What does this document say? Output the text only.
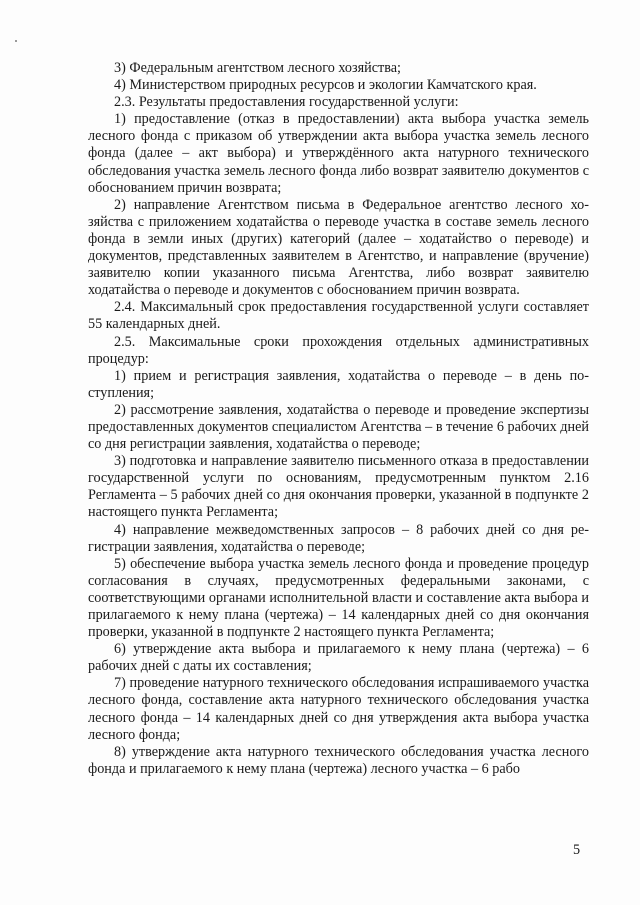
3) Федеральным агентством лесного хозяйства;

4) Министерством природных ресурсов и экологии Камчатского края.

2.3. Результаты предоставления государственной услуги:

1) предоставление (отказ в предоставлении) акта выбора участка земель лесного фонда с приказом об утверждении акта выбора участка земель лесного фонда (далее – акт выбора) и утверждённого акта натурного технического обследования участка земель лесного фонда либо возврат заявителю документов с обоснованием причин возврата;

2) направление Агентством письма в Федеральное агентство лесного хозяйства с приложением ходатайства о переводе участка в составе земель лесного фонда в земли иных (других) категорий (далее – ходатайство о переводе) и документов, представленных заявителем в Агентство, и направление (вручение) заявителю копии указанного письма Агентства, либо возврат заявителю ходатайства о переводе и документов с обоснованием причин возврата.

2.4. Максимальный срок предоставления государственной услуги составляет 55 календарных дней.

2.5. Максимальные сроки прохождения отдельных административных процедур:

1) прием и регистрация заявления, ходатайства о переводе – в день поступления;

2) рассмотрение заявления, ходатайства о переводе и проведение экспертизы предоставленных документов специалистом Агентства – в течение 6 рабочих дней со дня регистрации заявления, ходатайства о переводе;

3) подготовка и направление заявителю письменного отказа в предоставлении государственной услуги по основаниям, предусмотренным пунктом 2.16 Регламента – 5 рабочих дней со дня окончания проверки, указанной в подпункте 2 настоящего пункта Регламента;

4) направление межведомственных запросов – 8 рабочих дней со дня регистрации заявления, ходатайства о переводе;

5) обеспечение выбора участка земель лесного фонда и проведение процедур согласования в случаях, предусмотренных федеральными законами, с соответствующими органами исполнительной власти и составление акта выбора и прилагаемого к нему плана (чертежа) – 14 календарных дней со дня окончания проверки, указанной в подпункте 2 настоящего пункта Регламента;

6) утверждение акта выбора и прилагаемого к нему плана (чертежа) – 6 рабочих дней с даты их составления;

7) проведение натурного технического обследования испрашиваемого участка лесного фонда, составление акта натурного технического обследования участка лесного фонда – 14 календарных дней со дня утверждения акта выбора участка лесного фонда;

8) утверждение акта натурного технического обследования участка лесного фонда и прилагаемого к нему плана (чертежа) лесного участка – 6 рабо

5
